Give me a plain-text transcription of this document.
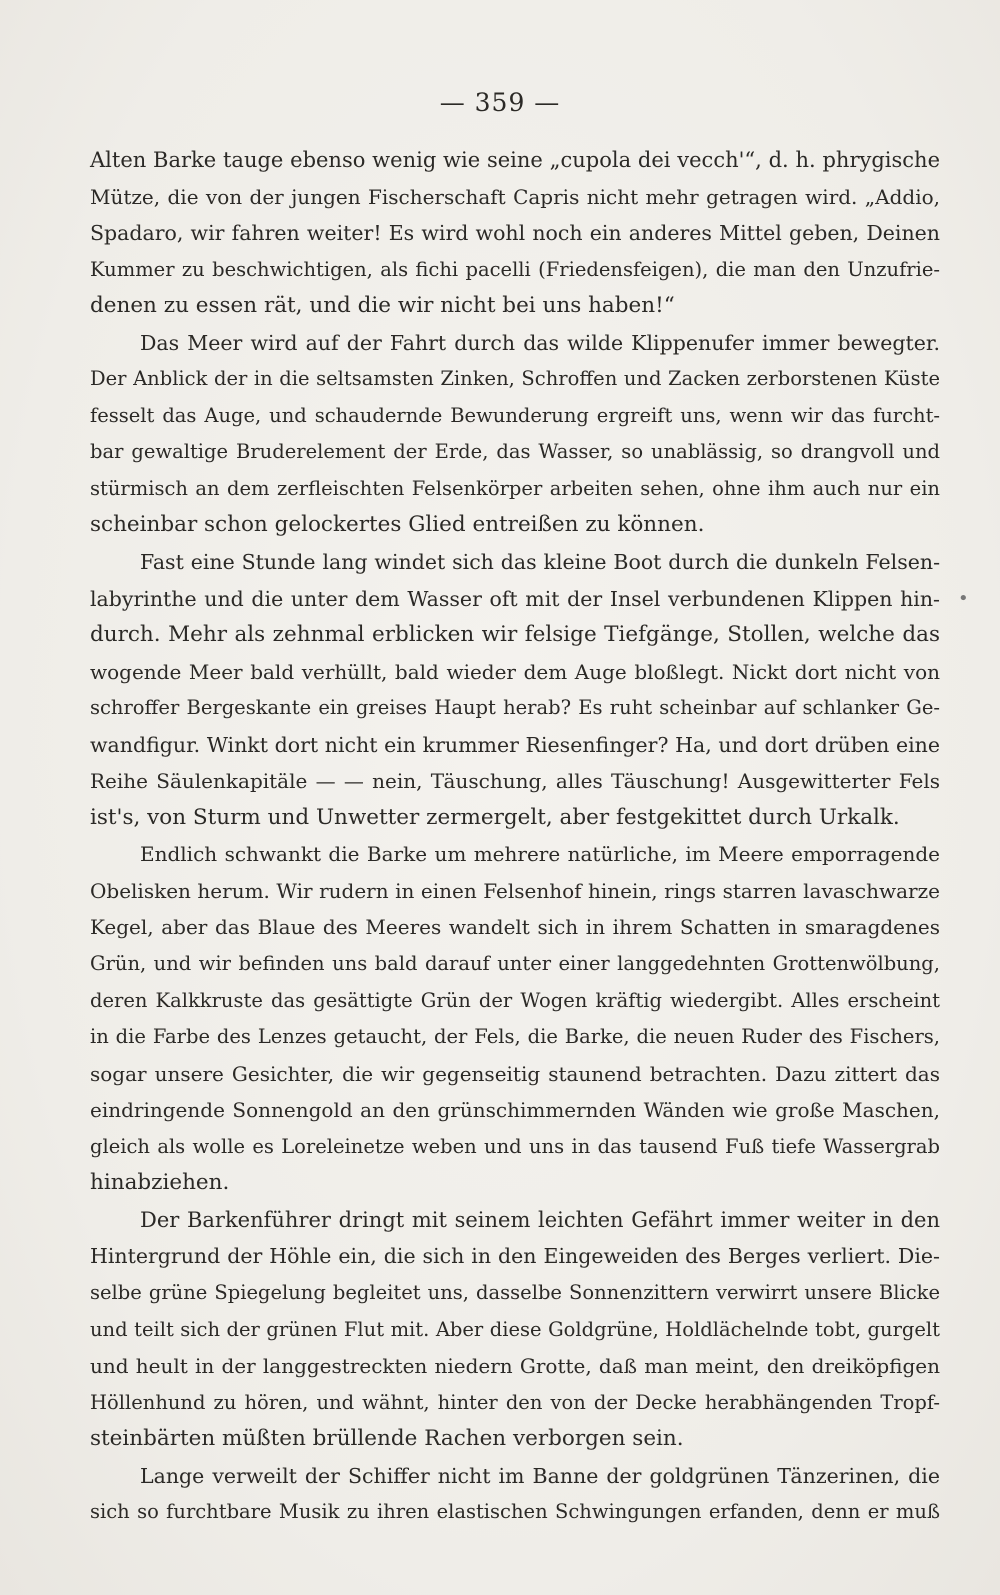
— 359 —
Alten Barke tauge ebenso wenig wie seine „cupola dei vecch'“, d. h. phrygische
Mütze, die von der jungen Fischerschaft Capris nicht mehr getragen wird. „Addio,
Spadaro, wir fahren weiter! Es wird wohl noch ein anderes Mittel geben, Deinen
Kummer zu beschwichtigen, als fichi pacelli (Friedensfeigen), die man den Unzufrie-
denen zu essen rät, und die wir nicht bei uns haben!“
Das Meer wird auf der Fahrt durch das wilde Klippenufer immer bewegter.
Der Anblick der in die seltsamsten Zinken, Schroffen und Zacken zerborstenen Küste
fesselt das Auge, und schaudernde Bewunderung ergreift uns, wenn wir das furcht-
bar gewaltige Bruderelement der Erde, das Wasser, so unablässig, so drangvoll und
stürmisch an dem zerfleischten Felsenkörper arbeiten sehen, ohne ihm auch nur ein
scheinbar schon gelockertes Glied entreißen zu können.
Fast eine Stunde lang windet sich das kleine Boot durch die dunkeln Felsen-
labyrinthe und die unter dem Wasser oft mit der Insel verbundenen Klippen hin-
durch. Mehr als zehnmal erblicken wir felsige Tiefgänge, Stollen, welche das
wogende Meer bald verhüllt, bald wieder dem Auge bloßlegt. Nickt dort nicht von
schroffer Bergeskante ein greises Haupt herab? Es ruht scheinbar auf schlanker Ge-
wandfigur. Winkt dort nicht ein krummer Riesenfinger? Ha, und dort drüben eine
Reihe Säulenkapitäle — — nein, Täuschung, alles Täuschung! Ausgewitterter Fels
ist's, von Sturm und Unwetter zermergelt, aber festgekittet durch Urkalk.
Endlich schwankt die Barke um mehrere natürliche, im Meere emporragende
Obelisken herum. Wir rudern in einen Felsenhof hinein, rings starren lavaschwarze
Kegel, aber das Blaue des Meeres wandelt sich in ihrem Schatten in smaragdenes
Grün, und wir befinden uns bald darauf unter einer langgedehnten Grottenwölbung,
deren Kalkkruste das gesättigte Grün der Wogen kräftig wiedergibt. Alles erscheint
in die Farbe des Lenzes getaucht, der Fels, die Barke, die neuen Ruder des Fischers,
sogar unsere Gesichter, die wir gegenseitig staunend betrachten. Dazu zittert das
eindringende Sonnengold an den grünschimmernden Wänden wie große Maschen,
gleich als wolle es Loreleinetze weben und uns in das tausend Fuß tiefe Wassergrab
hinabziehen.
Der Barkenführer dringt mit seinem leichten Gefährt immer weiter in den
Hintergrund der Höhle ein, die sich in den Eingeweiden des Berges verliert. Die-
selbe grüne Spiegelung begleitet uns, dasselbe Sonnenzittern verwirrt unsere Blicke
und teilt sich der grünen Flut mit. Aber diese Goldgrüne, Holdlächelnde tobt, gurgelt
und heult in der langgestreckten niedern Grotte, daß man meint, den dreiköpfigen
Höllenhund zu hören, und wähnt, hinter den von der Decke herabhängenden Tropf-
steinbärten müßten brüllende Rachen verborgen sein.
Lange verweilt der Schiffer nicht im Banne der goldgrünen Tänzerinen, die
sich so furchtbare Musik zu ihren elastischen Schwingungen erfanden, denn er muß
•
